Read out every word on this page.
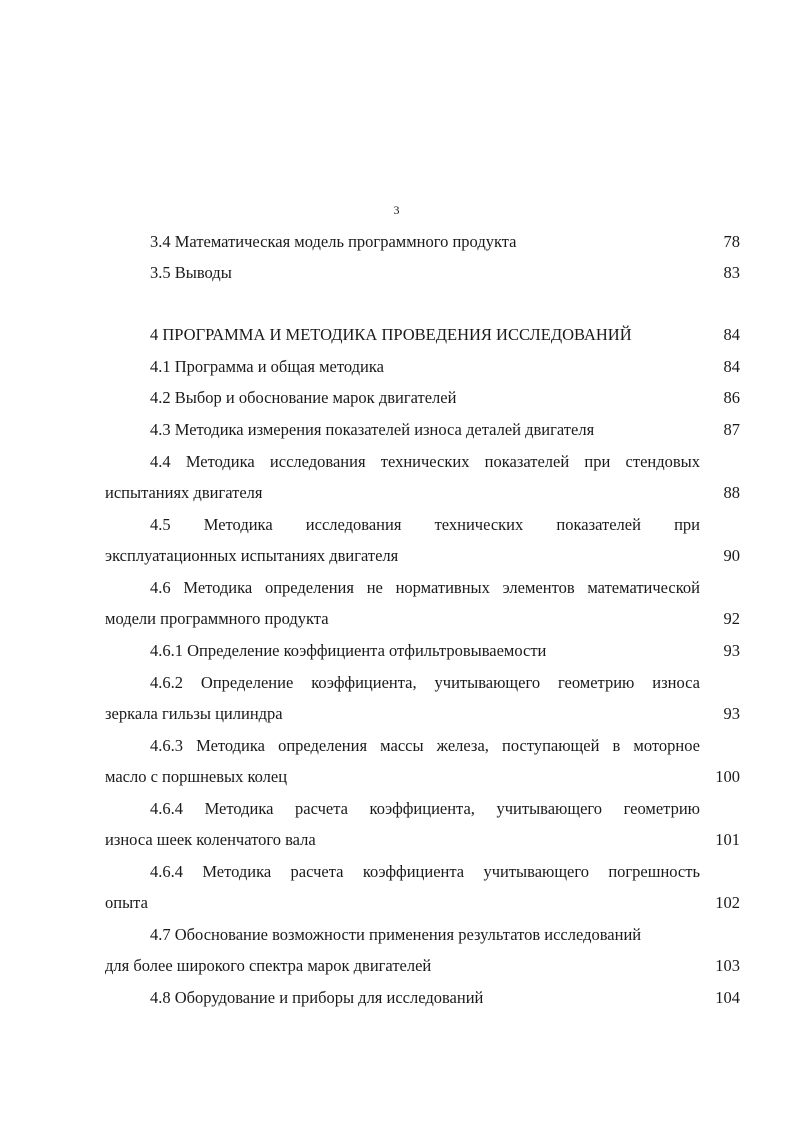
3
3.4 Математическая модель программного продукта	78
3.5 Выводы	83
4 ПРОГРАММА И МЕТОДИКА ПРОВЕДЕНИЯ ИССЛЕДОВАНИЙ	84
4.1 Программа и общая методика	84
4.2 Выбор и обоснование марок двигателей	86
4.3 Методика измерения показателей износа деталей двигателя	87
4.4 Методика исследования технических показателей при стендовых
испытаниях двигателя	88
4.5 Методика исследования технических показателей при
эксплуатационных испытаниях двигателя	90
4.6 Методика определения не нормативных элементов математической
модели программного продукта	92
4.6.1 Определение коэффициента отфильтровываемости	93
4.6.2 Определение коэффициента, учитывающего геометрию износа
зеркала гильзы цилиндра	93
4.6.3 Методика определения массы железа, поступающей в моторное
масло с поршневых колец	100
4.6.4 Методика расчета коэффициента, учитывающего геометрию
износа шеек коленчатого вала	101
4.6.4 Методика расчета коэффициента учитывающего погрешность
опыта	102
4.7 Обоснование возможности применения результатов исследований
для более широкого спектра марок двигателей	103
4.8 Оборудование и приборы для исследований	104
